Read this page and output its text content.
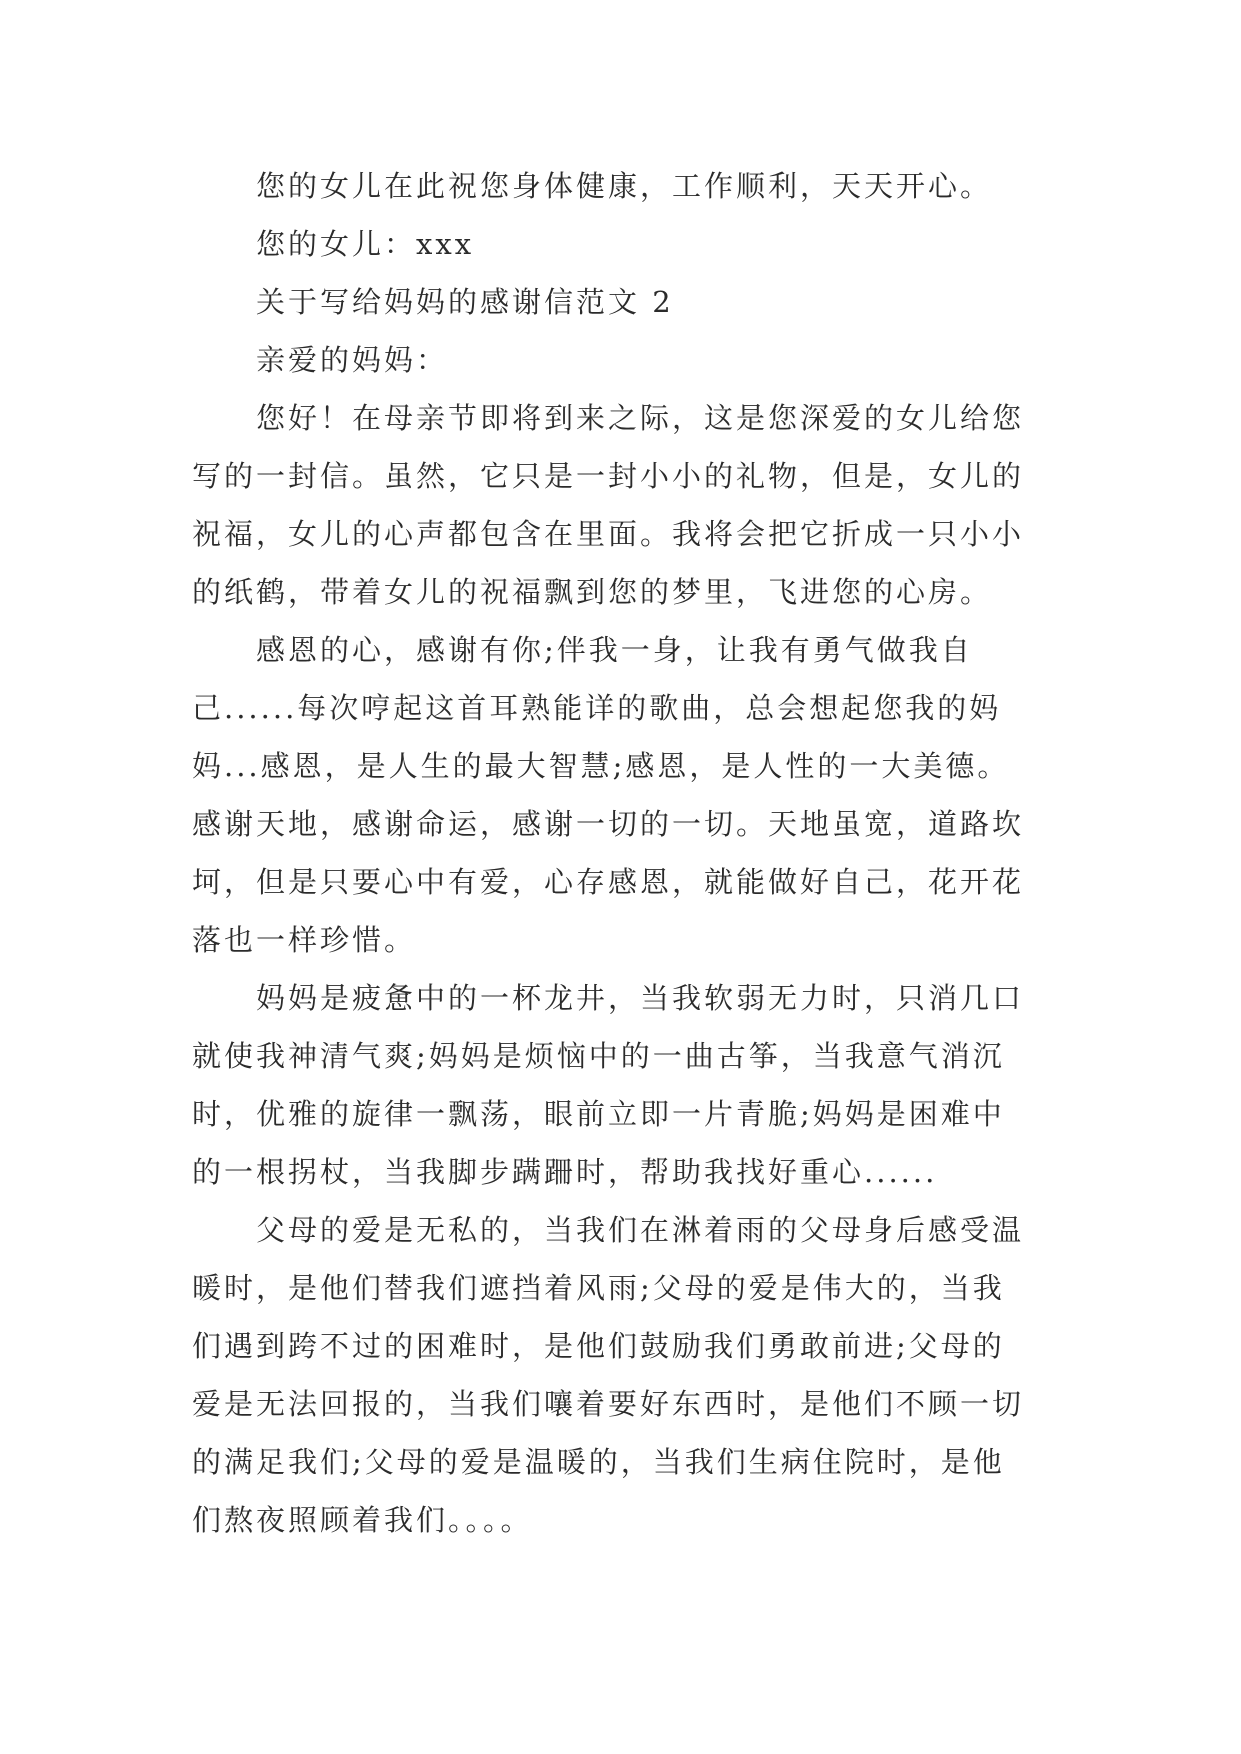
您的女儿在此祝您身体健康，工作顺利，天天开心。
您的女儿：xxx
关于写给妈妈的感谢信范文 2
亲爱的妈妈：
您好！在母亲节即将到来之际，这是您深爱的女儿给您
写的一封信。虽然，它只是一封小小的礼物，但是，女儿的
祝福，女儿的心声都包含在里面。我将会把它折成一只小小
的纸鹤，带着女儿的祝福飘到您的梦里，飞进您的心房。
感恩的心，感谢有你;伴我一身，让我有勇气做我自
己......每次哼起这首耳熟能详的歌曲，总会想起您我的妈
妈...感恩，是人生的最大智慧;感恩，是人性的一大美德。
感谢天地，感谢命运，感谢一切的一切。天地虽宽，道路坎
坷，但是只要心中有爱，心存感恩，就能做好自己，花开花
落也一样珍惜。
妈妈是疲惫中的一杯龙井，当我软弱无力时，只消几口
就使我神清气爽;妈妈是烦恼中的一曲古筝，当我意气消沉
时，优雅的旋律一飘荡，眼前立即一片青脆;妈妈是困难中
的一根拐杖，当我脚步蹒跚时，帮助我找好重心......
父母的爱是无私的，当我们在淋着雨的父母身后感受温
暖时，是他们替我们遮挡着风雨;父母的爱是伟大的，当我
们遇到跨不过的困难时，是他们鼓励我们勇敢前进;父母的
爱是无法回报的，当我们嚷着要好东西时，是他们不顾一切
的满足我们;父母的爱是温暖的，当我们生病住院时，是他
们熬夜照顾着我们。。。。
